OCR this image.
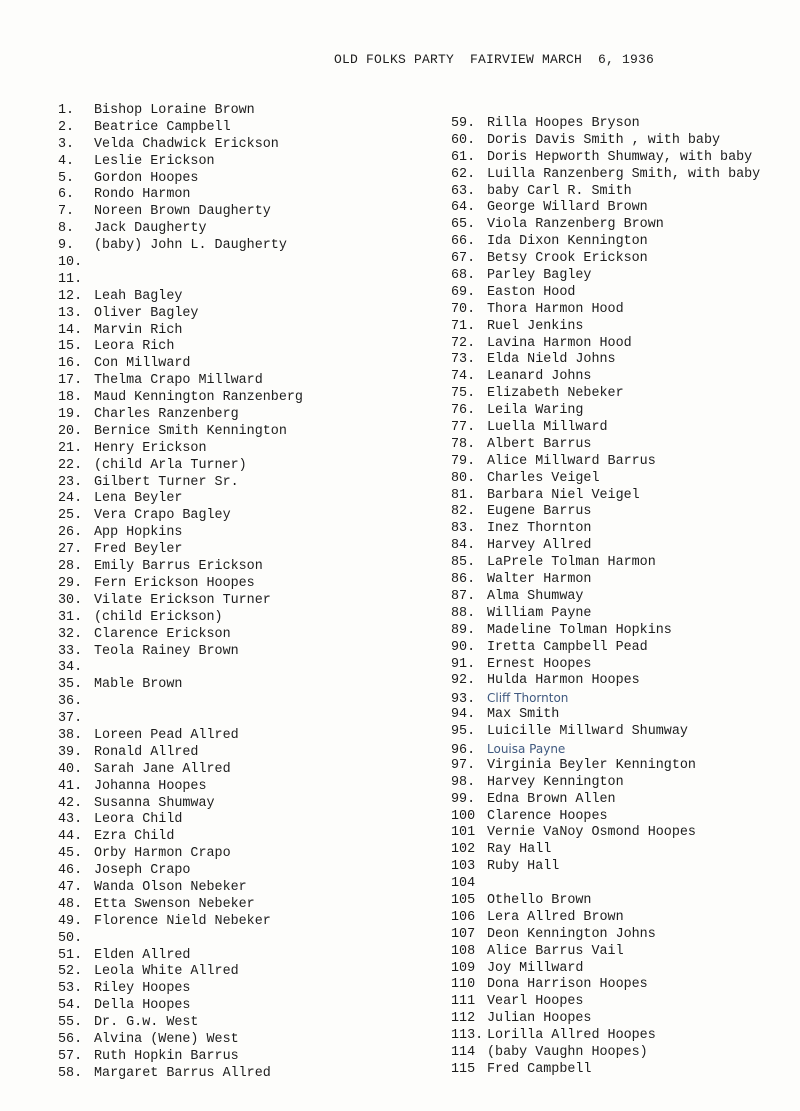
OLD FOLKS PARTY  FAIRVIEW MARCH  6, 1936
1. Bishop Loraine Brown
2. Beatrice Campbell
3. Velda Chadwick Erickson
4. Leslie Erickson
5. Gordon Hoopes
6. Rondo Harmon
7. Noreen Brown Daugherty
8. Jack Daugherty
9. (baby) John L. Daugherty
10.
11.
12. Leah Bagley
13. Oliver Bagley
14. Marvin Rich
15. Leora Rich
16. Con Millward
17. Thelma Crapo Millward
18. Maud Kennington Ranzenberg
19. Charles Ranzenberg
20. Bernice Smith Kennington
21. Henry Erickson
22. (child Arla Turner)
23. Gilbert Turner Sr.
24. Lena Beyler
25. Vera Crapo Bagley
26. App Hopkins
27. Fred Beyler
28. Emily Barrus Erickson
29. Fern Erickson Hoopes
30. Vilate Erickson Turner
31. (child Erickson)
32. Clarence Erickson
33. Teola Rainey Brown
34.
35. Mable Brown
36.
37.
38. Loreen Pead Allred
39. Ronald Allred
40. Sarah Jane Allred
41. Johanna Hoopes
42. Susanna Shumway
43. Leora Child
44. Ezra Child
45. Orby Harmon Crapo
46. Joseph Crapo
47. Wanda Olson Nebeker
48. Etta Swenson Nebeker
49. Florence Nield Nebeker
50.
51. Elden Allred
52. Leola White Allred
53. Riley Hoopes
54. Della Hoopes
55. Dr. G.w. West
56. Alvina (Wene) West
57. Ruth Hopkin Barrus
58. Margaret Barrus Allred
59. Rilla Hoopes Bryson
60. Doris Davis Smith , with baby
61. Doris Hepworth Shumway, with baby
62. Luilla Ranzenberg Smith, with baby
63. baby Carl R. Smith
64. George Willard Brown
65. Viola Ranzenberg Brown
66. Ida Dixon Kennington
67. Betsy Crook Erickson
68. Parley Bagley
69. Easton Hood
70. Thora Harmon Hood
71. Ruel Jenkins
72. Lavina Harmon Hood
73. Elda Nield Johns
74. Leanard Johns
75. Elizabeth Nebeker
76. Leila Waring
77. Luella Millward
78. Albert Barrus
79. Alice Millward Barrus
80. Charles Veigel
81. Barbara Niel Veigel
82. Eugene Barrus
83. Inez Thornton
84. Harvey Allred
85. LaPrele Tolman Harmon
86. Walter Harmon
87. Alma Shumway
88. William Payne
89. Madeline Tolman Hopkins
90. Iretta Campbell Pead
91. Ernest Hoopes
92. Hulda Harmon Hoopes
93. Cliff Thornton
94. Max Smith
95. Luicille Millward Shumway
96. Louisa Payne
97. Virginia Beyler Kennington
98. Harvey Kennington
99. Edna Brown Allen
100 Clarence Hoopes
101 Vernie VaNoy Osmond Hoopes
102 Ray Hall
103 Ruby Hall
104
105 Othello Brown
106 Lera Allred Brown
107 Deon Kennington Johns
108 Alice Barrus Vail
109 Joy Millward
110 Dona Harrison Hoopes
111 Vearl Hoopes
112 Julian Hoopes
113. Lorilla Allred Hoopes
114 (baby Vaughn Hoopes)
115 Fred Campbell
